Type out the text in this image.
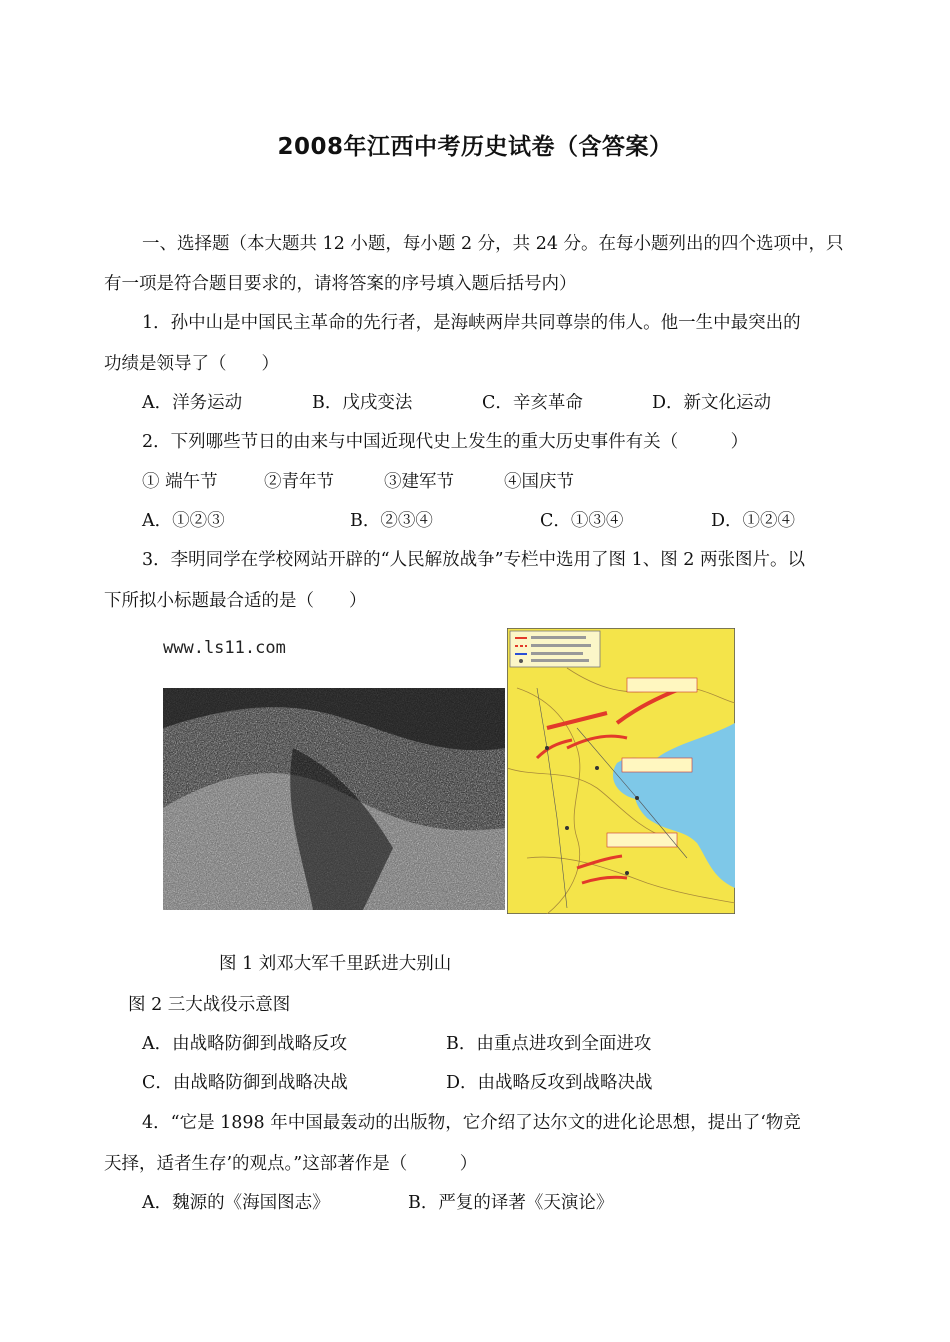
2008年江西中考历史试卷（含答案）
一、选择题（本大题共 12 小题，每小题 2 分，共 24 分。在每小题列出的四个选项中，只
有一项是符合题目要求的，请将答案的序号填入题后括号内）
1．孙中山是中国民主革命的先行者，是海峡两岸共同尊崇的伟人。他一生中最突出的
功绩是领导了（　　）
A．洋务运动	B．戊戌变法	C．辛亥革命	D．新文化运动
2．下列哪些节日的由来与中国近现代史上发生的重大历史事件有关（　　　）
① 端午节	②青年节	③建军节	④国庆节
A．①②③	B．②③④	C．①③④	D．①②④
3．李明同学在学校网站开辟的“人民解放战争”专栏中选用了图 1、图 2 两张图片。以
下所拟小标题最合适的是（　　）
www.ls11.com
图 1 刘邓大军千里跃进大别山
图 2 三大战役示意图
A．由战略防御到战略反攻	B．由重点进攻到全面进攻
C．由战略防御到战略决战	D．由战略反攻到战略决战
4．“它是 1898 年中国最轰动的出版物，它介绍了达尔文的进化论思想，提出了‘物竞
天择，适者生存’的观点。”这部著作是（　　　）
A．魏源的《海国图志》	B．严复的译著《天演论》
